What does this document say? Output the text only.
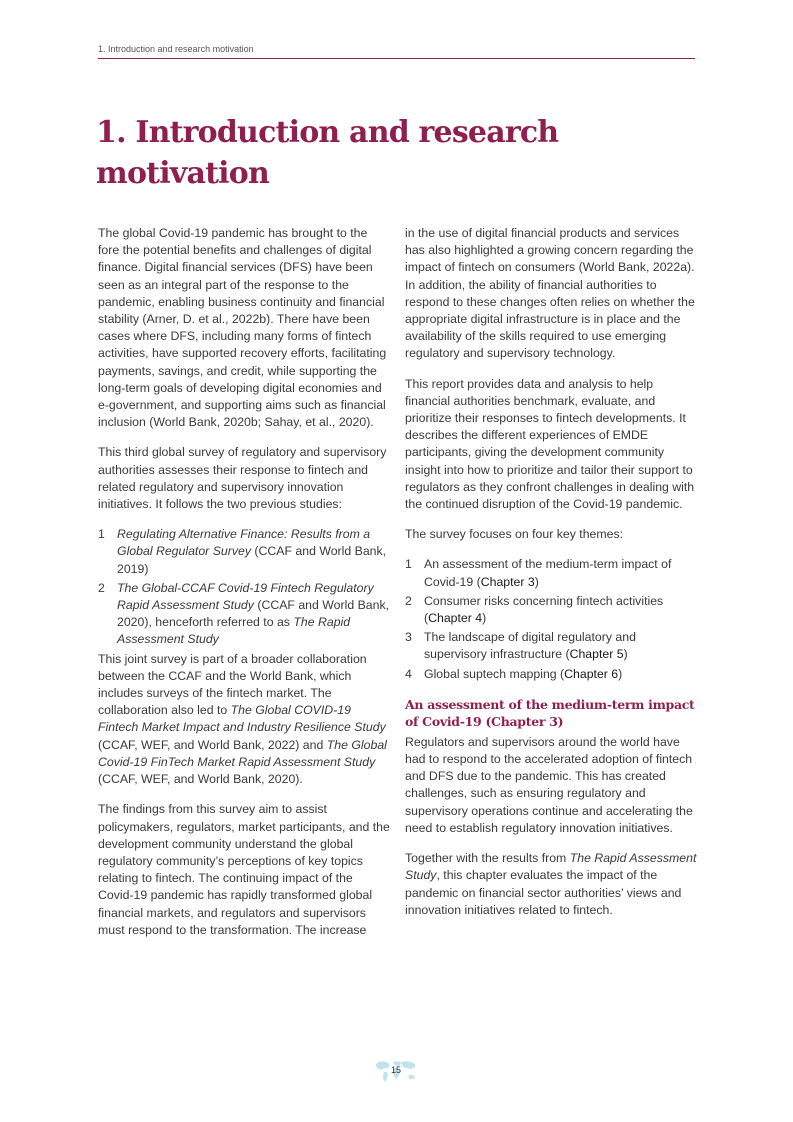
1. Introduction and research motivation
1. Introduction and research motivation

The global Covid-19 pandemic has brought to the fore the potential benefits and challenges of digital finance. Digital financial services (DFS) have been seen as an integral part of the response to the pandemic, enabling business continuity and financial stability (Arner, D. et al., 2022b). There have been cases where DFS, including many forms of fintech activities, have supported recovery efforts, facilitating payments, savings, and credit, while supporting the long-term goals of developing digital economies and e-government, and supporting aims such as financial inclusion (World Bank, 2020b; Sahay, et al., 2020).

This third global survey of regulatory and supervisory authorities assesses their response to fintech and related regulatory and supervisory innovation initiatives. It follows the two previous studies:

1 Regulating Alternative Finance: Results from a Global Regulator Survey (CCAF and World Bank, 2019)
2 The Global-CCAF Covid-19 Fintech Regulatory Rapid Assessment Study (CCAF and World Bank, 2020), henceforth referred to as The Rapid Assessment Study

This joint survey is part of a broader collaboration between the CCAF and the World Bank, which includes surveys of the fintech market. The collaboration also led to The Global COVID-19 Fintech Market Impact and Industry Resilience Study (CCAF, WEF, and World Bank, 2022) and The Global Covid-19 FinTech Market Rapid Assessment Study (CCAF, WEF, and World Bank, 2020).

The findings from this survey aim to assist policymakers, regulators, market participants, and the development community understand the global regulatory community’s perceptions of key topics relating to fintech. The continuing impact of the Covid-19 pandemic has rapidly transformed global financial markets, and regulators and supervisors must respond to the transformation. The increase

in the use of digital financial products and services has also highlighted a growing concern regarding the impact of fintech on consumers (World Bank, 2022a). In addition, the ability of financial authorities to respond to these changes often relies on whether the appropriate digital infrastructure is in place and the availability of the skills required to use emerging regulatory and supervisory technology.

This report provides data and analysis to help financial authorities benchmark, evaluate, and prioritize their responses to fintech developments. It describes the different experiences of EMDE participants, giving the development community insight into how to prioritize and tailor their support to regulators as they confront challenges in dealing with the continued disruption of the Covid-19 pandemic.

The survey focuses on four key themes:

1 An assessment of the medium-term impact of Covid-19 (Chapter 3)
2 Consumer risks concerning fintech activities (Chapter 4)
3 The landscape of digital regulatory and supervisory infrastructure (Chapter 5)
4 Global suptech mapping (Chapter 6)
An assessment of the medium-term impact of Covid-19 (Chapter 3)

Regulators and supervisors around the world have had to respond to the accelerated adoption of fintech and DFS due to the pandemic. This has created challenges, such as ensuring regulatory and supervisory operations continue and accelerating the need to establish regulatory innovation initiatives.

Together with the results from The Rapid Assessment Study, this chapter evaluates the impact of the pandemic on financial sector authorities’ views and innovation initiatives related to fintech.

15
